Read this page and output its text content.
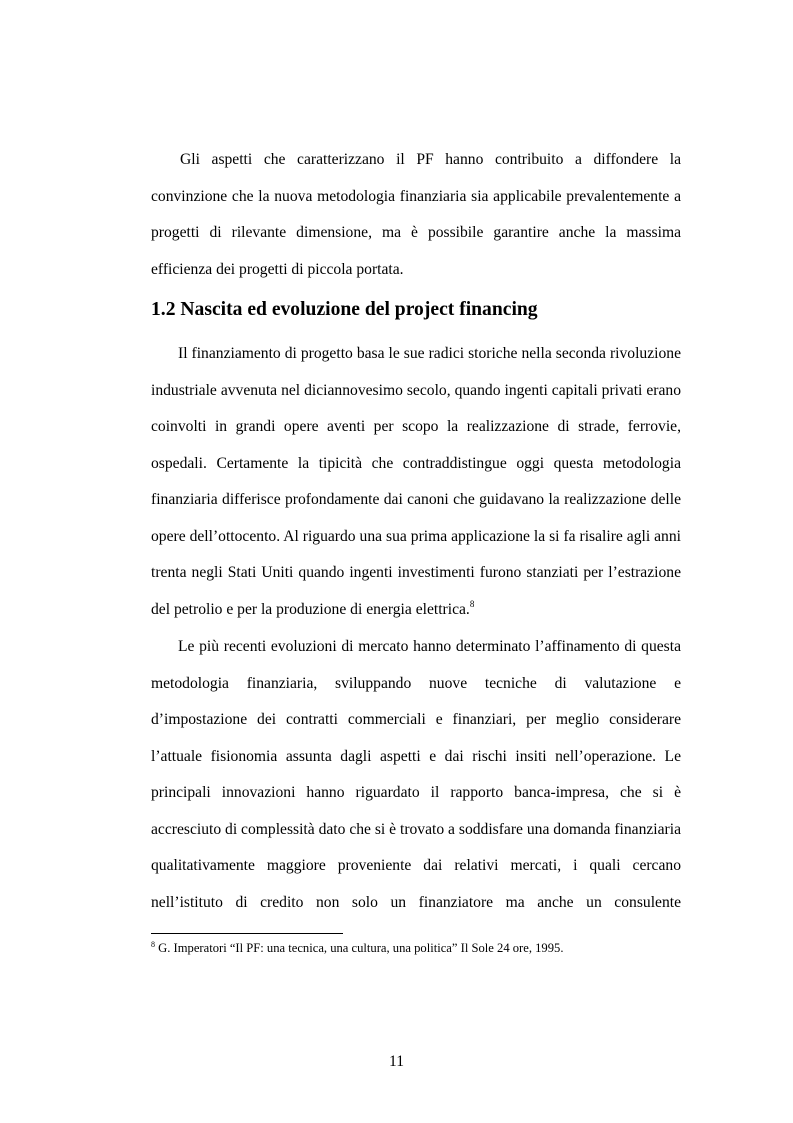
Gli aspetti che caratterizzano il PF hanno contribuito a diffondere la convinzione che la nuova metodologia finanziaria sia applicabile prevalentemente a progetti di rilevante dimensione, ma è possibile garantire anche la massima efficienza dei progetti di piccola portata.
1.2 Nascita ed evoluzione del project financing
Il finanziamento di progetto basa le sue radici storiche nella seconda rivoluzione industriale avvenuta nel diciannovesimo secolo, quando ingenti capitali privati erano coinvolti in grandi opere aventi per scopo la realizzazione di strade, ferrovie, ospedali. Certamente la tipicità che contraddistingue oggi questa metodologia finanziaria differisce profondamente dai canoni che guidavano la realizzazione delle opere dell’ottocento. Al riguardo una sua prima applicazione la si fa risalire agli anni trenta negli Stati Uniti quando ingenti investimenti furono stanziati per l’estrazione del petrolio e per la produzione di energia elettrica.$^8$
Le più recenti evoluzioni di mercato hanno determinato l’affinamento di questa metodologia finanziaria, sviluppando nuove tecniche di valutazione e d’impostazione dei contratti commerciali e finanziari, per meglio considerare l’attuale fisionomia assunta dagli aspetti e dai rischi insiti nell’operazione. Le principali innovazioni hanno riguardato il rapporto banca-impresa, che si è accresciuto di complessità dato che si è trovato a soddisfare una domanda finanziaria qualitativamente maggiore proveniente dai relativi mercati, i quali cercano nell’istituto di credito non solo un finanziatore ma anche un consulente
$^8$ G. Imperatori “Il PF: una tecnica, una cultura, una politica” Il Sole 24 ore, 1995.
11
